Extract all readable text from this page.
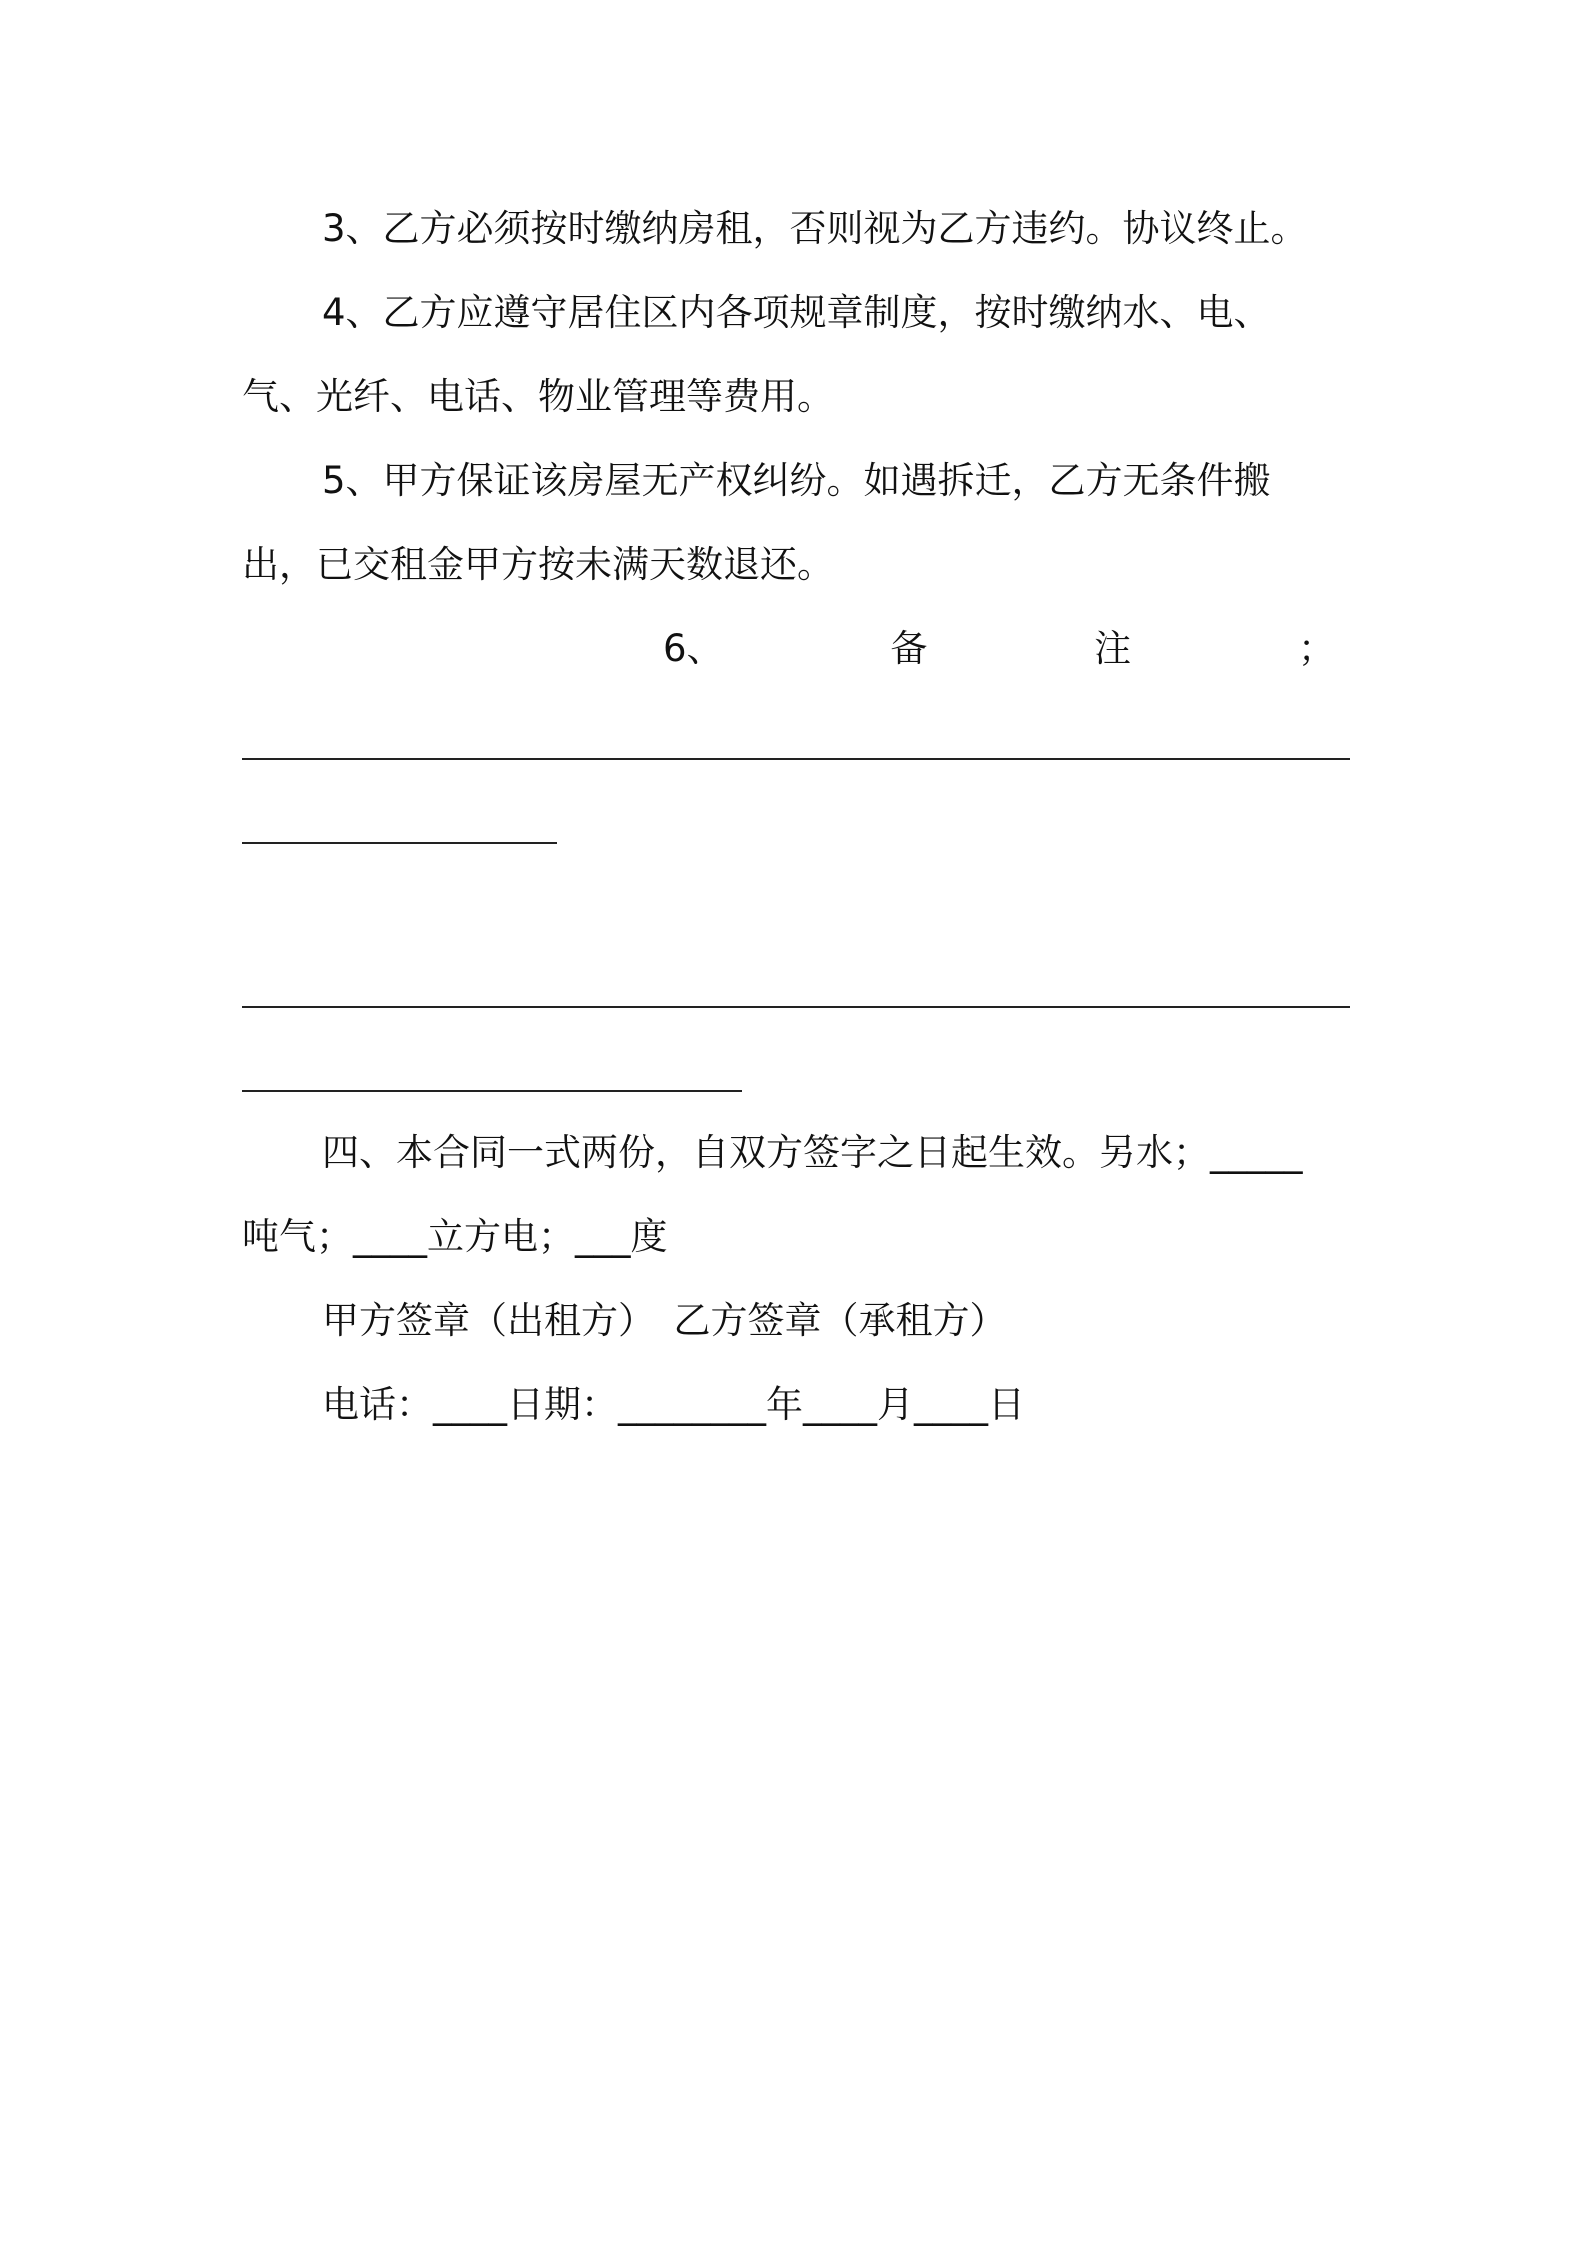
3、乙方必须按时缴纳房租，否则视为乙方违约。协议终止。
4、乙方应遵守居住区内各项规章制度，按时缴纳水、电、
气、光纤、电话、物业管理等费用。
5、甲方保证该房屋无产权纠纷。如遇拆迁，乙方无条件搬
出，已交租金甲方按未满天数退还。
6、	备	注	；
四、本合同一式两份，自双方签字之日起生效。另水；_____
吨气；____立方电；___度
甲方签章（出租方）　乙方签章（承租方）
电话：____日期：________年____月____日
